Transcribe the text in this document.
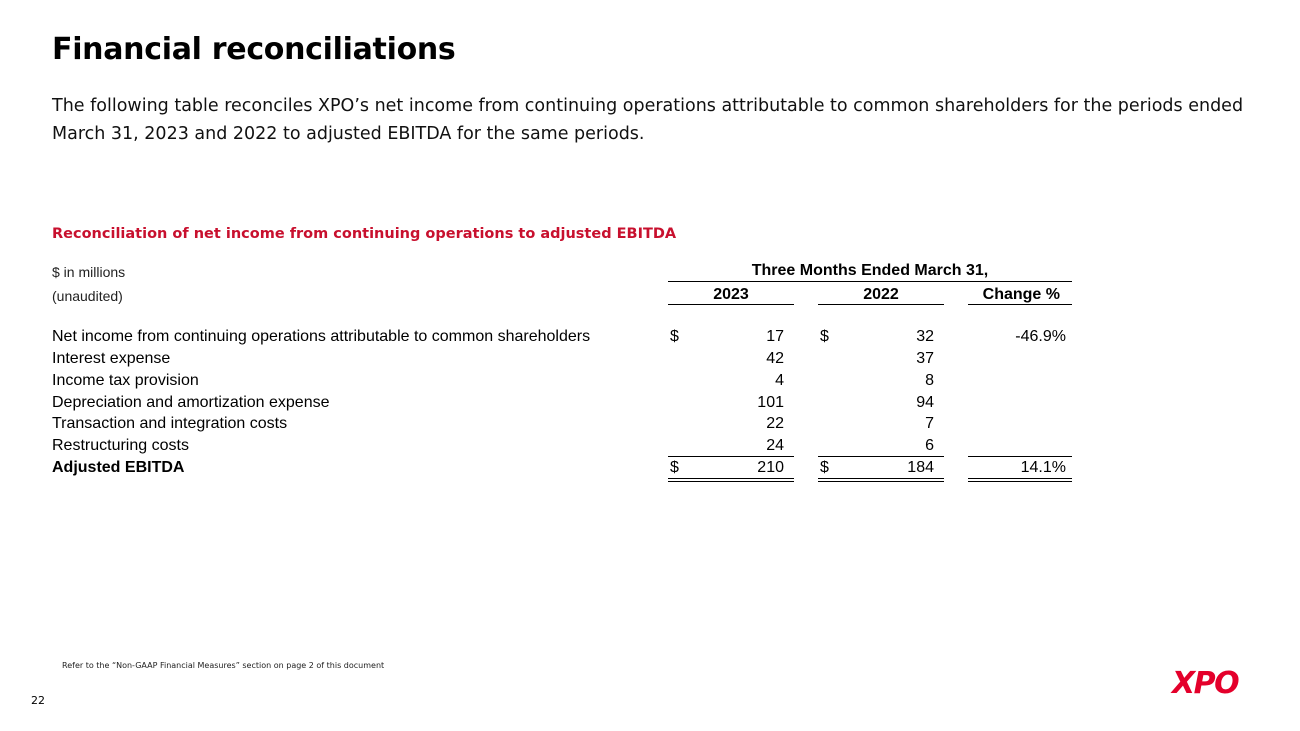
Financial reconciliations
The following table reconciles XPO’s net income from continuing operations attributable to common shareholders for the periods ended March 31, 2023 and 2022 to adjusted EBITDA for the same periods.
Reconciliation of net income from continuing operations to adjusted EBITDA
$ in millions
(unaudited)
Three Months Ended March 31,
2023	2022	Change %
Net income from continuing operations attributable to common shareholders	$	17 $	32	-46.9%
Interest expense	42	37
Income tax provision	4	8
Depreciation and amortization expense	101	94
Transaction and integration costs	22	7
Restructuring costs	24	6
Adjusted EBITDA	$	210 $	184	14.1%
Refer to the “Non-GAAP Financial Measures” section on page 2 of this document
22	XPO
